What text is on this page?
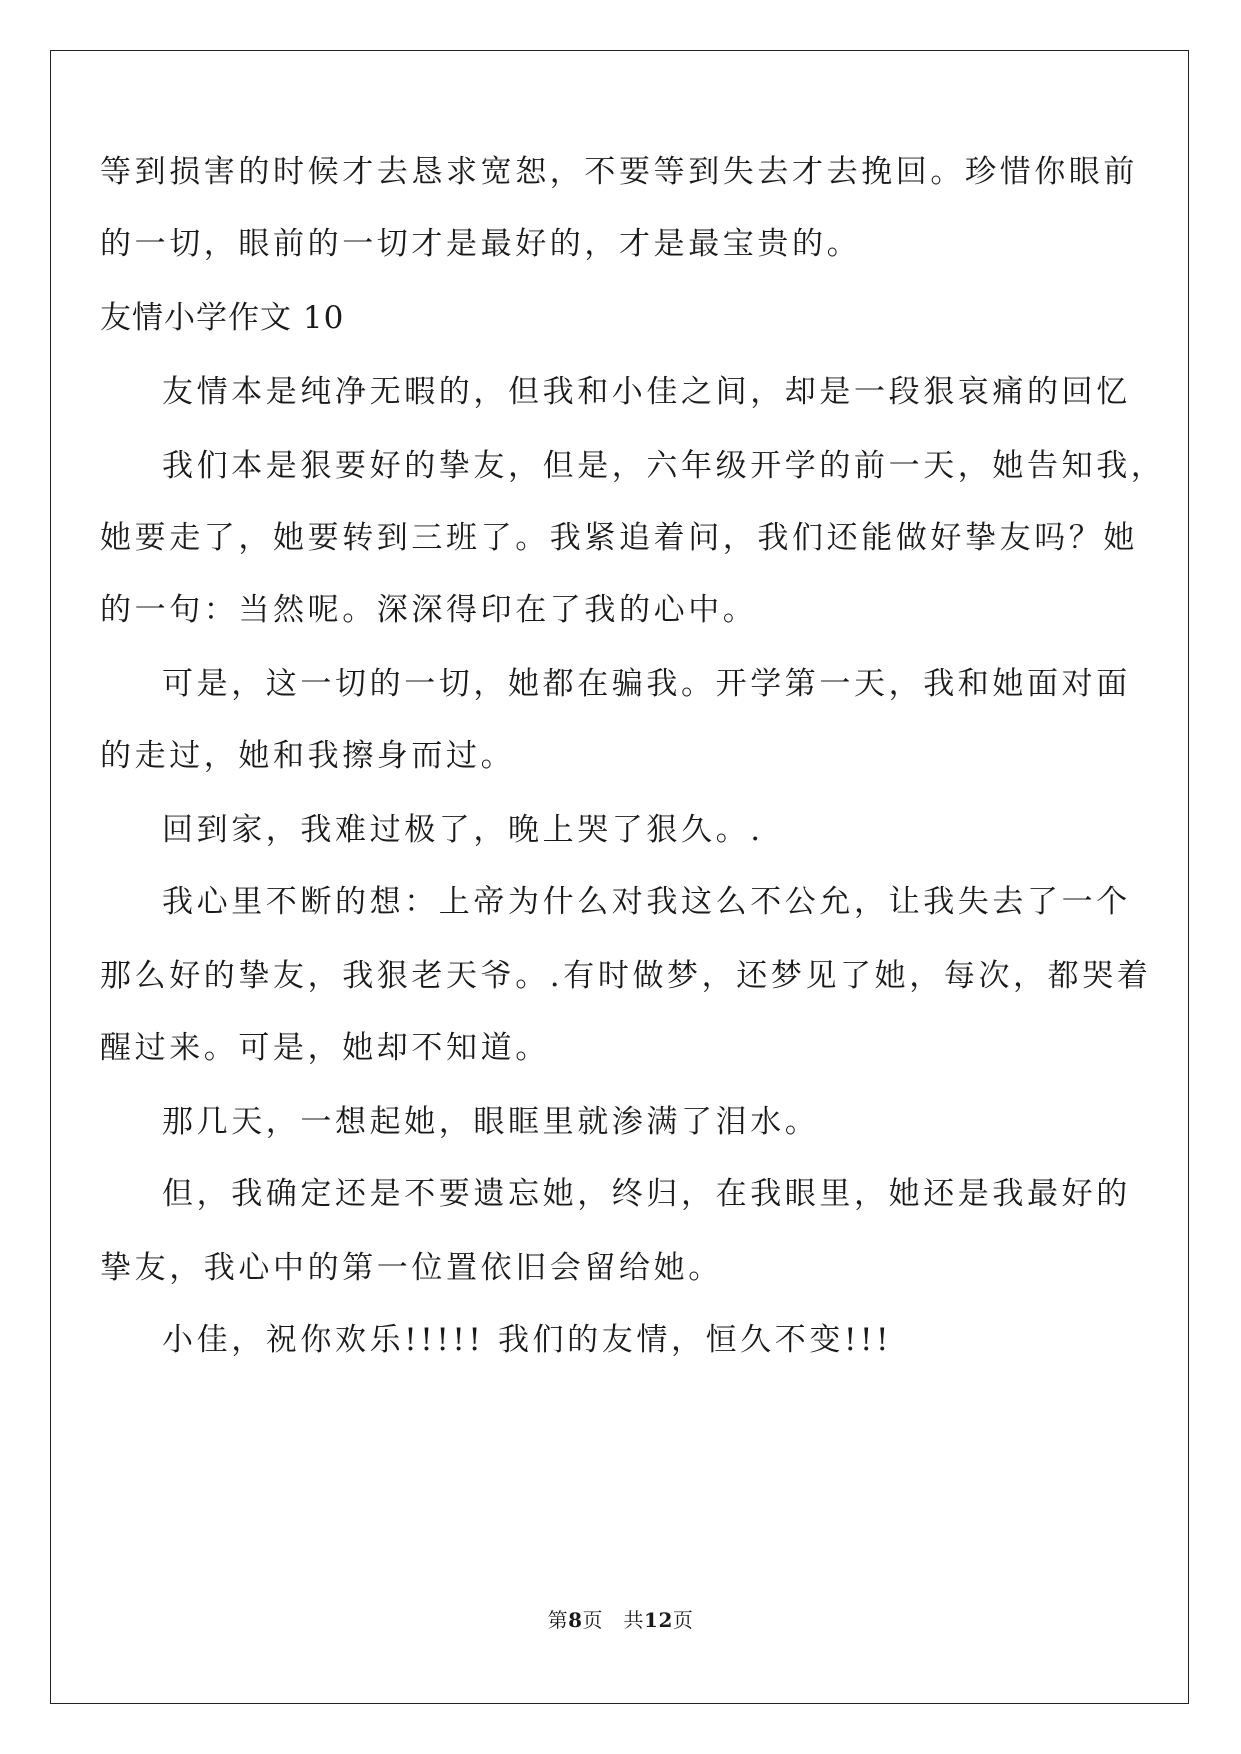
等到损害的时候才去恳求宽恕，不要等到失去才去挽回。珍惜你眼前
的一切，眼前的一切才是最好的，才是最宝贵的。
友情小学作文 10
友情本是纯净无暇的，但我和小佳之间，却是一段狠哀痛的回忆
我们本是狠要好的挚友，但是，六年级开学的前一天，她告知我，
她要走了，她要转到三班了。我紧追着问，我们还能做好挚友吗？她
的一句：当然呢。深深得印在了我的心中。
可是，这一切的一切，她都在骗我。开学第一天，我和她面对面
的走过，她和我擦身而过。
回到家，我难过极了，晚上哭了狠久。.
我心里不断的想：上帝为什么对我这么不公允，让我失去了一个
那么好的挚友，我狠老天爷。.有时做梦，还梦见了她，每次，都哭着
醒过来。可是，她却不知道。
那几天，一想起她，眼眶里就渗满了泪水。
但，我确定还是不要遗忘她，终归，在我眼里，她还是我最好的
挚友，我心中的第一位置依旧会留给她。
小佳，祝你欢乐!!!!! 我们的友情，恒久不变!!!
第8页　共12页
